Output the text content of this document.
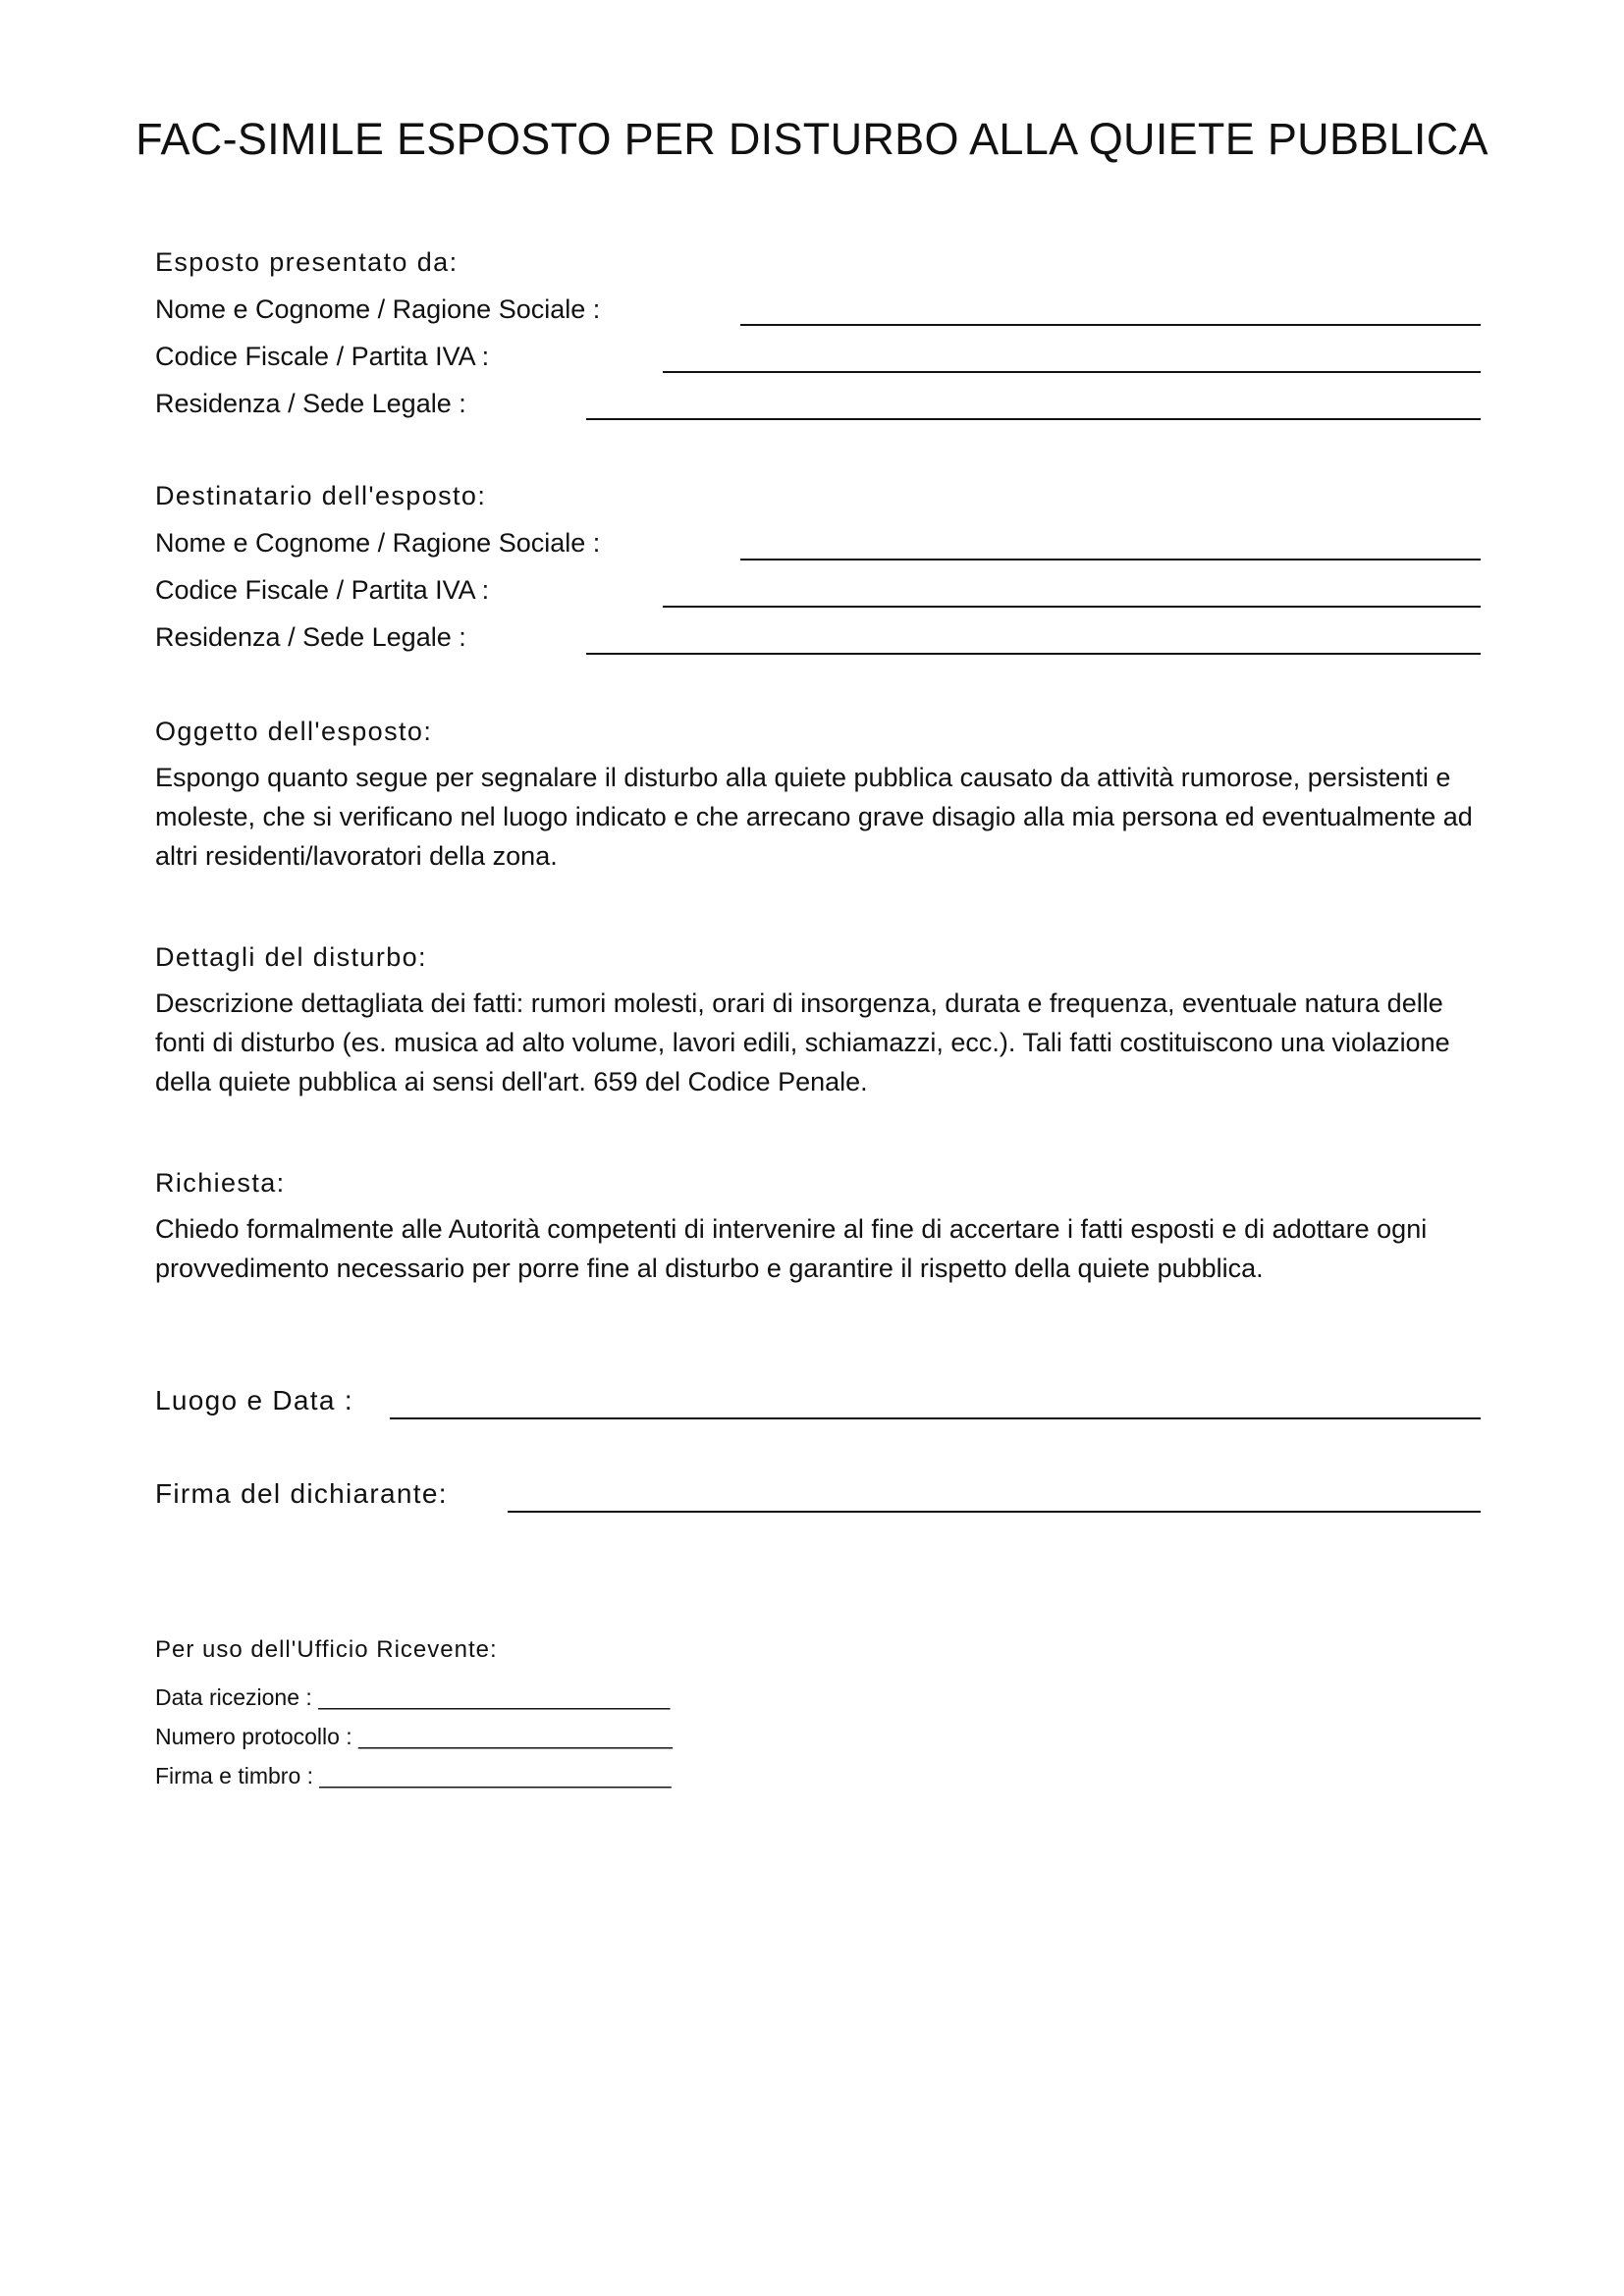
FAC-SIMILE ESPOSTO PER DISTURBO ALLA QUIETE PUBBLICA
Esposto presentato da:
Nome e Cognome / Ragione Sociale :
Codice Fiscale / Partita IVA :
Residenza / Sede Legale :
Destinatario dell'esposto:
Nome e Cognome / Ragione Sociale :
Codice Fiscale / Partita IVA :
Residenza / Sede Legale :
Oggetto dell'esposto:
Espongo quanto segue per segnalare il disturbo alla quiete pubblica causato da attività rumorose, persistenti e moleste, che si verificano nel luogo indicato e che arrecano grave disagio alla mia persona ed eventualmente ad altri residenti/lavoratori della zona.
Dettagli del disturbo:
Descrizione dettagliata dei fatti: rumori molesti, orari di insorgenza, durata e frequenza, eventuale natura delle fonti di disturbo (es. musica ad alto volume, lavori edili, schiamazzi, ecc.). Tali fatti costituiscono una violazione della quiete pubblica ai sensi dell'art. 659 del Codice Penale.
Richiesta:
Chiedo formalmente alle Autorità competenti di intervenire al fine di accertare i fatti esposti e di adottare ogni provvedimento necessario per porre fine al disturbo e garantire il rispetto della quiete pubblica.
Luogo e Data :
Firma del dichiarante:
Per uso dell'Ufficio Ricevente:
Data ricezione : ____________________________
Numero protocollo : _________________________
Firma e timbro : ____________________________
